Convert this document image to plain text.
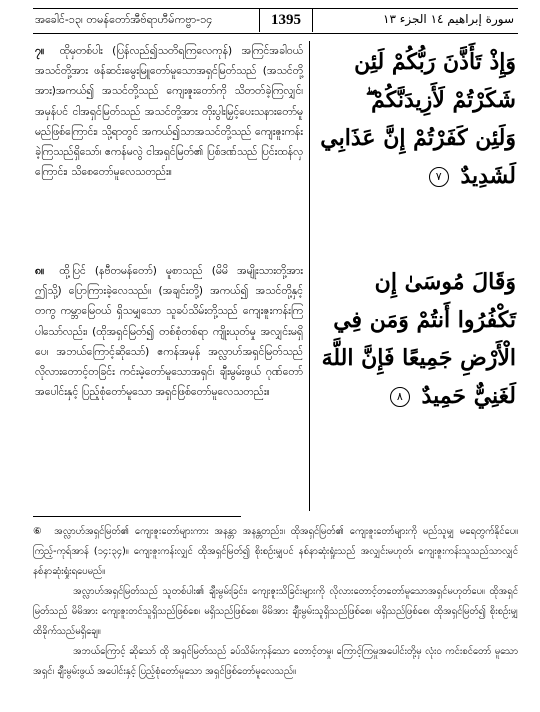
အခေါင်-၁၃၊ တမန်တော်အီဗ်ရာဟီမ်ကဗ္ဗာ-၁၄	1395	سورة إبراهيم ١٤ الجزء ١٣
၇။ ထိုမှတစ်ပါး (ပြန်လည်၍သတိရကြလေကုန်) အကြင်အခါဝယ် အသင်တို့အား ဖန်ဆင်းမွေးမြူတော်မူသောအရှင်မြတ်သည် (အသင်တို့အား)အကယ်၍ အသင်တို့သည် ကျေးဇူးတော်ကို သိတတ်ခဲ့ကြလျှင်၊ အမှန်ပင် ငါအရှင်မြတ်သည် အသင်တို့အား တိုးပွါးမြှင့်ပေးသနားတော်မူမည်ဖြစ်ကြောင်း၊ သို့ရာတွင် အကယ်၍သာအသင်တို့သည် ကျေးဇူးကန်းခဲ့ကြသည်ရှိသော်၊ ဧကန်မလွဲ ငါအရှင်မြတ်၏ ပြစ်ဒဏ်သည် ပြင်းထန်လှကြောင်း၊ သိစေတော်မူလေသတည်း။
وَإِذْ تَأَذَّنَ رَبُّكُمْ لَئِن شَكَرْتُمْ لَأَزِيدَنَّكُمْ ۖ وَلَئِن كَفَرْتُمْ إِنَّ عَذَابِي لَشَدِيدٌ ٧
၈။ ထို့ပြင် (နဗီတမန်တော်) မူစာသည် (မိမိ အမျိုးသားတို့အား ဤသို့) ပြောကြားခဲ့လေသည်။ (အချင်းတို့) အကယ်၍ အသင်တို့နှင့်တကွ ကမ္ဘာမြေဝယ် ရှိသမျှသော သူခပ်သိမ်းတို့သည် ကျေးဇူးကန်းကြပါသော်လည်း၊ (ထိုအရှင်မြတ်၍ တစ်စုံတစ်ရာ ကျိုးယုတ်မှု အလျှင်းမရှိပေ၊ အဘယ်ကြောင့်ဆိုသော်) ဧကန်အမှန် အလ္လာဟ်အရှင်မြတ်သည် လိုလားတောင့်တခြင်း ကင်းမဲ့တော်မူသောအရှင်၊ ချီးမွမ်းဖွယ် ဂုဏ်တော်အပေါင်းနှင့် ပြည့်စုံတော်မူသော အရှင်ဖြစ်တော်မူလေသတည်း။
وَقَالَ مُوسَىٰ إِن تَكْفُرُوا أَنتُمْ وَمَن فِي الْأَرْضِ جَمِيعًا فَإِنَّ اللَّهَ لَغَنِيٌّ حَمِيدٌ ٨
⑥ အလ္လာဟ်အရှင်မြတ်၏ ကျေးဇူးတော်များကား အနန္တာ အနန္တတည်း။ ထိုအရှင်မြတ်၏ ကျေးဇူးတော်များကို မည်သူမျှ မရေတွက်နိုင်ပေ။ ကြည့်-ကုရ်အာန် (၁၄:၃၄)။ ကျေးဇူးကန်းလျှင် ထိုအရှင်မြတ်၍ စိုးစဉ်းမျှပင် နစ်နာဆုံးရှုံးသည် အလျှင်းမဟုတ်၊ ကျေးဇူးကန်းသူသည်သာလျှင် နစ်နာဆုံးရှုံးရပေမည်။
အလ္လာဟ်အရှင်မြတ်သည် သူတစ်ပါး၏ ချီးမွမ်းခြင်း၊ ကျေးဇူးသိခြင်းများကို လိုလားတောင့်တတော်မူသောအရှင်မဟုတ်ပေ။ ထိုအရှင်မြတ်သည် မိမိအား ကျေးဇူးတင်သူရှိသည်ဖြစ်စေ၊ မရှိသည်ဖြစ်စေ၊ မိမိအား ချီးမွမ်းသူရှိသည်ဖြစ်စေ၊ မရှိသည်ဖြစ်စေ၊ ထိုအရှင်မြတ်၍ စိုးစဉ်းမျှ ထိခိုက်သည်မရှိချေ။
အဘယ်ကြောင့် ဆိုသော် ထို အရှင်မြတ်သည် ခပ်သိမ်းကုန်သော တောင့်တမှု၊ ကြောင့်ကြမှုအပေါင်းတို့မှ လုံးဝ ကင်းစင်တော် မူသော အရှင်၊ ချီးမွမ်းဖွယ် အပေါင်းနှင့် ပြည့်စုံတော်မူသော အရှင်ဖြစ်တော်မူလေသည်။
